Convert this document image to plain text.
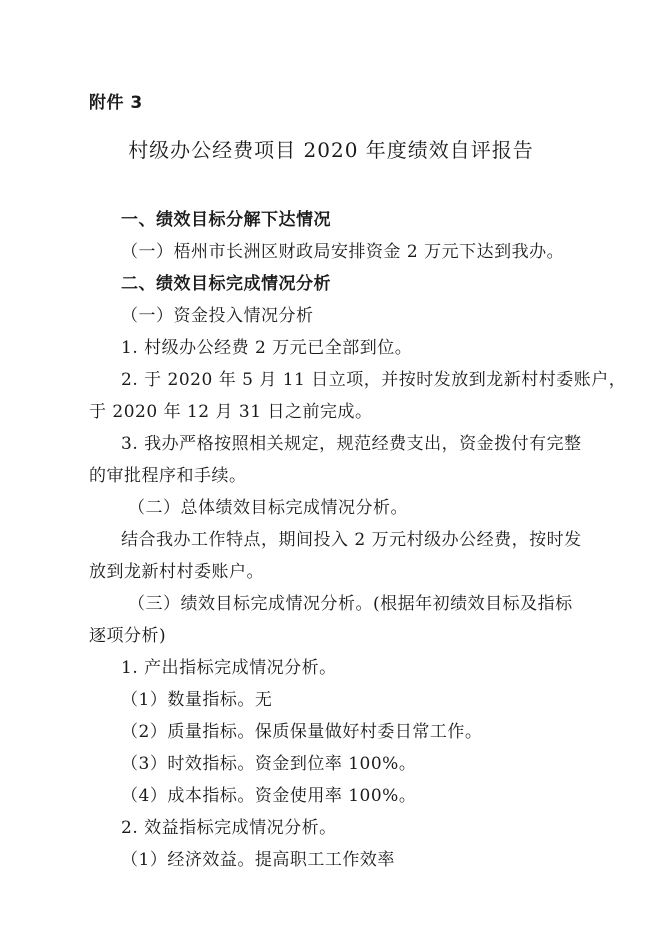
附件 3
村级办公经费项目 2020 年度绩效自评报告
一、绩效目标分解下达情况
（一）梧州市长洲区财政局安排资金 2 万元下达到我办。
二、绩效目标完成情况分析
（一）资金投入情况分析
1. 村级办公经费 2 万元已全部到位。
2. 于 2020 年 5 月 11 日立项，并按时发放到龙新村村委账户，
于 2020 年 12 月 31 日之前完成。
3. 我办严格按照相关规定，规范经费支出，资金拨付有完整
的审批程序和手续。
（二）总体绩效目标完成情况分析。
结合我办工作特点，期间投入 2 万元村级办公经费，按时发
放到龙新村村委账户。
（三）绩效目标完成情况分析。(根据年初绩效目标及指标
逐项分析)
1. 产出指标完成情况分析。
（1）数量指标。无
（2）质量指标。保质保量做好村委日常工作。
（3）时效指标。资金到位率 100%。
（4）成本指标。资金使用率 100%。
2. 效益指标完成情况分析。
（1）经济效益。提高职工工作效率
